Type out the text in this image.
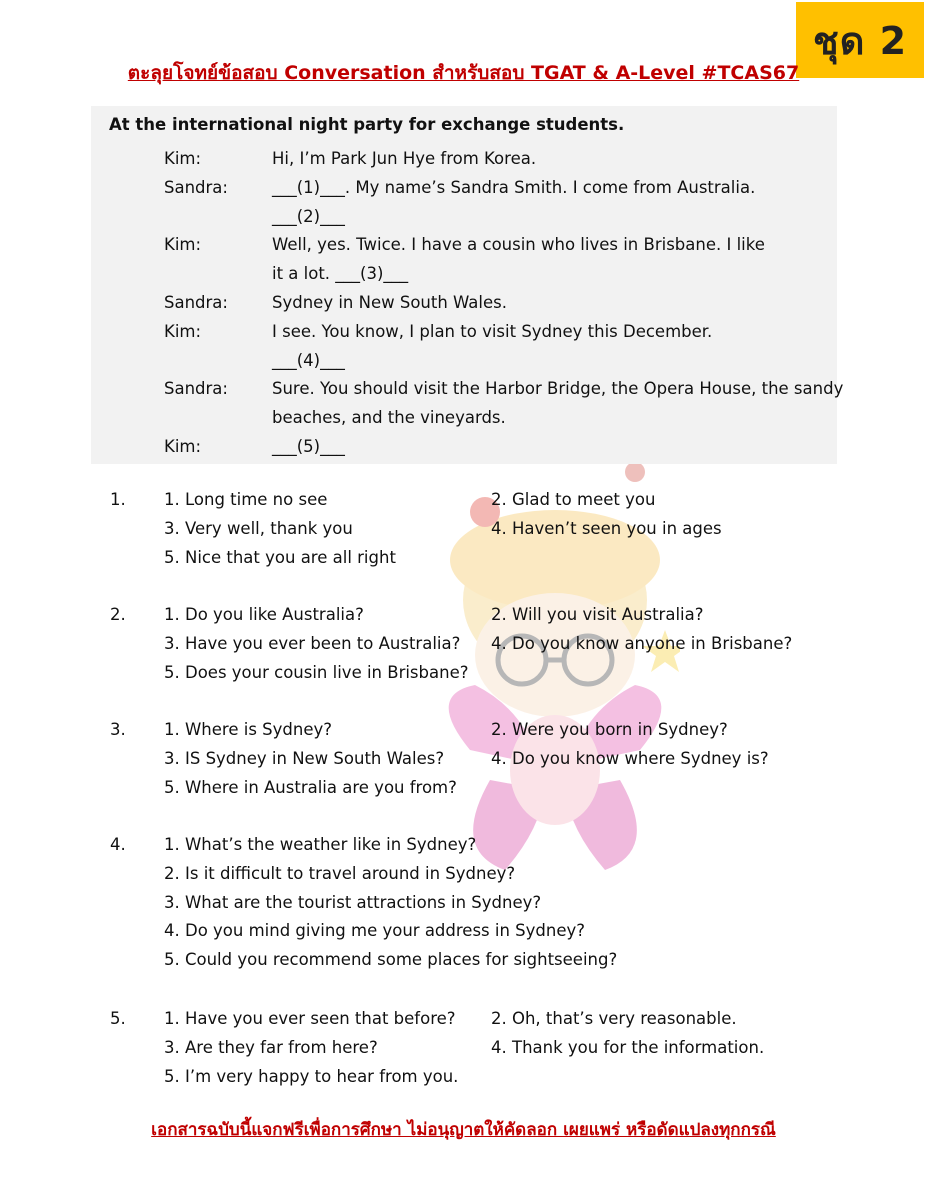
ชุด 2
ตะลุยโจทย์ข้อสอบ Conversation สำหรับสอบ TGAT & A-Level #TCAS67
At the international night party for exchange students.
Kim:	Hi, I’m Park Jun Hye from Korea.
Sandra:	___(1)___. My name’s Sandra Smith. I come from Australia.
___(2)___
Kim:	Well, yes. Twice. I have a cousin who lives in Brisbane. I like
it a lot. ___(3)___
Sandra:	Sydney in New South Wales.
Kim:	I see. You know, I plan to visit Sydney this December.
___(4)___
Sandra:	Sure. You should visit the Harbor Bridge, the Opera House, the sandy
beaches, and the vineyards.
Kim:	___(5)___
1. 1. Long time no see	2. Glad to meet you
3. Very well, thank you	4. Haven’t seen you in ages
5. Nice that you are all right
2. 1. Do you like Australia?	2. Will you visit Australia?
3. Have you ever been to Australia? 4. Do you know anyone in Brisbane?
5. Does your cousin live in Brisbane?
3. 1. Where is Sydney?	2. Were you born in Sydney?
3. IS Sydney in New South Wales?	4. Do you know where Sydney is?
5. Where in Australia are you from?
4. 1. What’s the weather like in Sydney?
2. Is it difficult to travel around in Sydney?
3. What are the tourist attractions in Sydney?
4. Do you mind giving me your address in Sydney?
5. Could you recommend some places for sightseeing?
5. 1. Have you ever seen that before? 2. Oh, that’s very reasonable.
3. Are they far from here?	4. Thank you for the information.
5. I’m very happy to hear from you.
เอกสารฉบับนี้แจกฟรีเพื่อการศึกษา ไม่อนุญาตให้คัดลอก เผยแพร่ หรือดัดแปลงทุกกรณี
